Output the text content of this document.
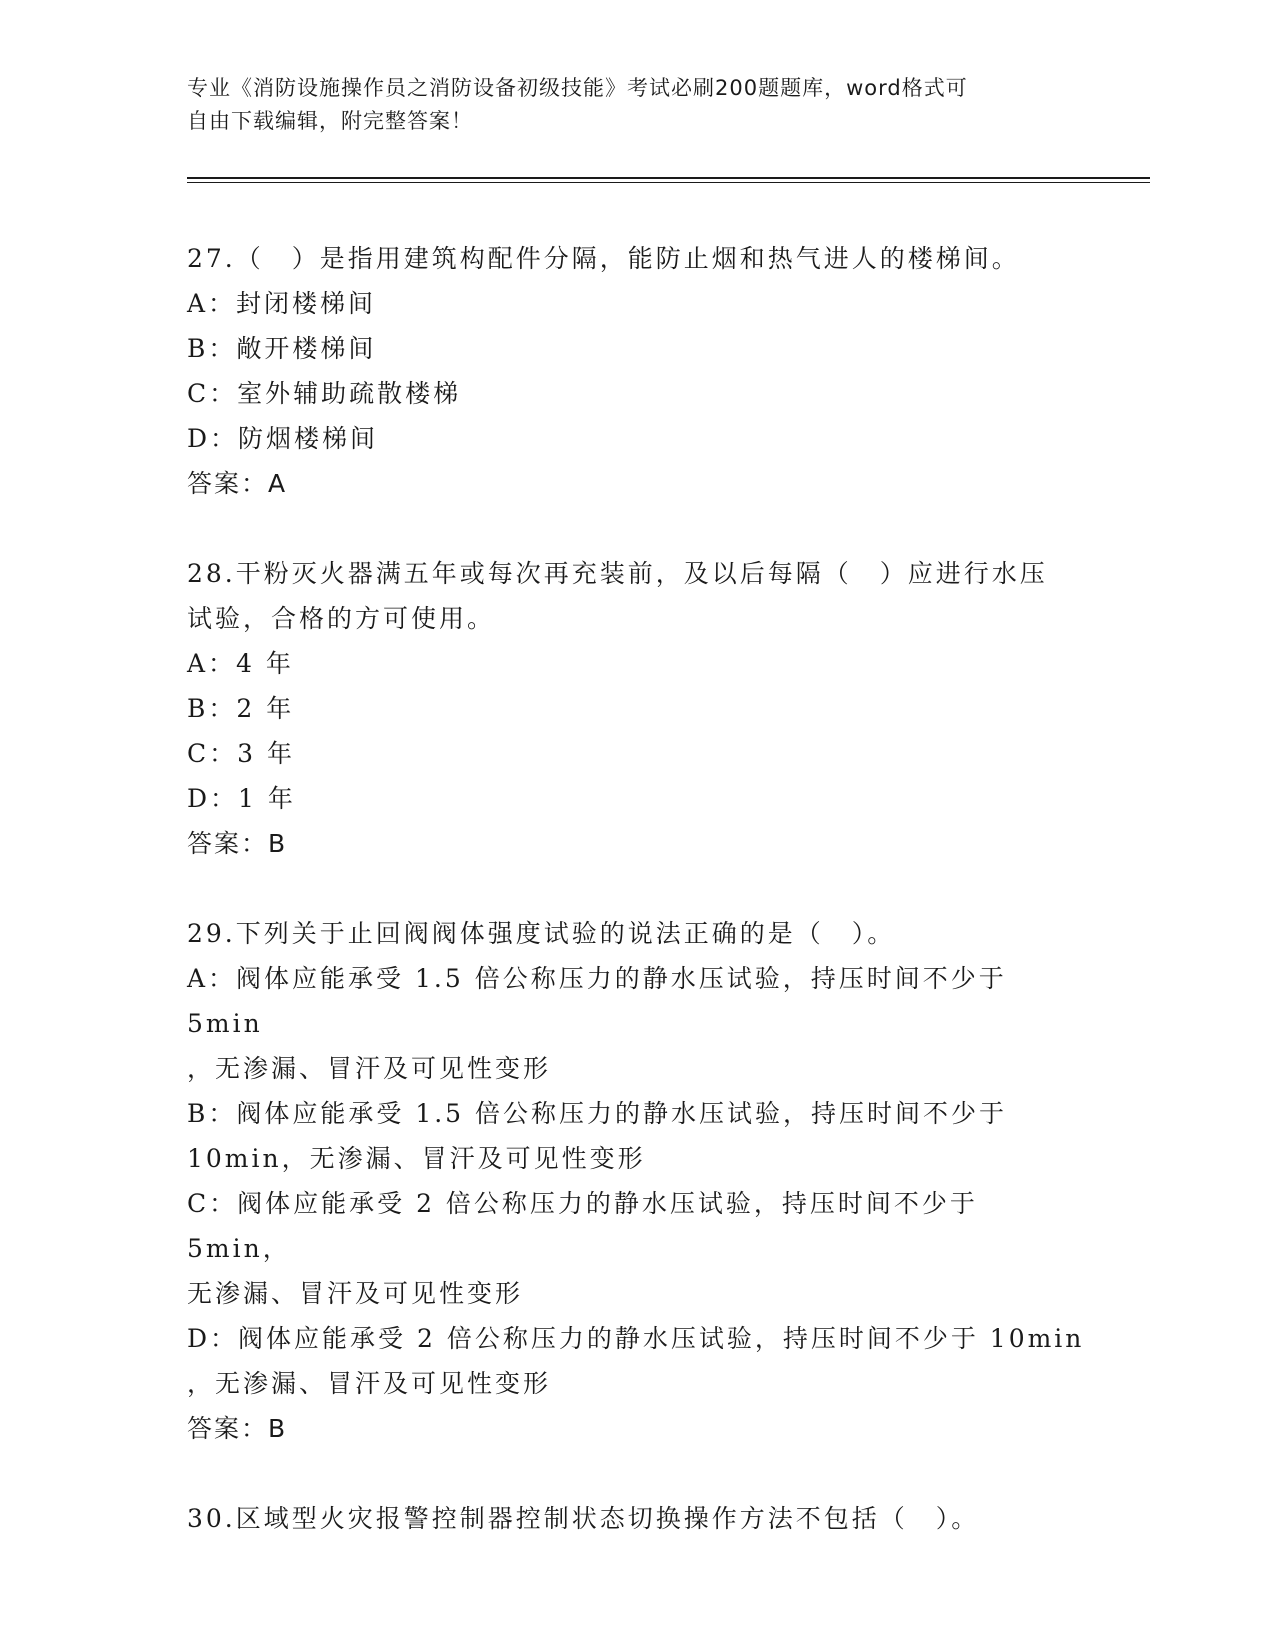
专业《消防设施操作员之消防设备初级技能》考试必刷200题题库，word格式可
自由下载编辑，附完整答案！
27.（　）是指用建筑构配件分隔，能防止烟和热气进人的楼梯间。
A：封闭楼梯间
B：敞开楼梯间
C：室外辅助疏散楼梯
D：防烟楼梯间
答案：A
28.干粉灭火器满五年或每次再充装前，及以后每隔（　）应进行水压
试验，合格的方可使用。
A：4 年
B：2 年
C：3 年
D：1 年
答案：B
29.下列关于止回阀阀体强度试验的说法正确的是（　）。
A：阀体应能承受 1.5 倍公称压力的静水压试验，持压时间不少于 5min
，无渗漏、冒汗及可见性变形
B：阀体应能承受 1.5 倍公称压力的静水压试验，持压时间不少于
10min，无渗漏、冒汗及可见性变形
C：阀体应能承受 2 倍公称压力的静水压试验，持压时间不少于 5min，
无渗漏、冒汗及可见性变形
D：阀体应能承受 2 倍公称压力的静水压试验，持压时间不少于 10min
，无渗漏、冒汗及可见性变形
答案：B
30.区域型火灾报警控制器控制状态切换操作方法不包括（　）。
